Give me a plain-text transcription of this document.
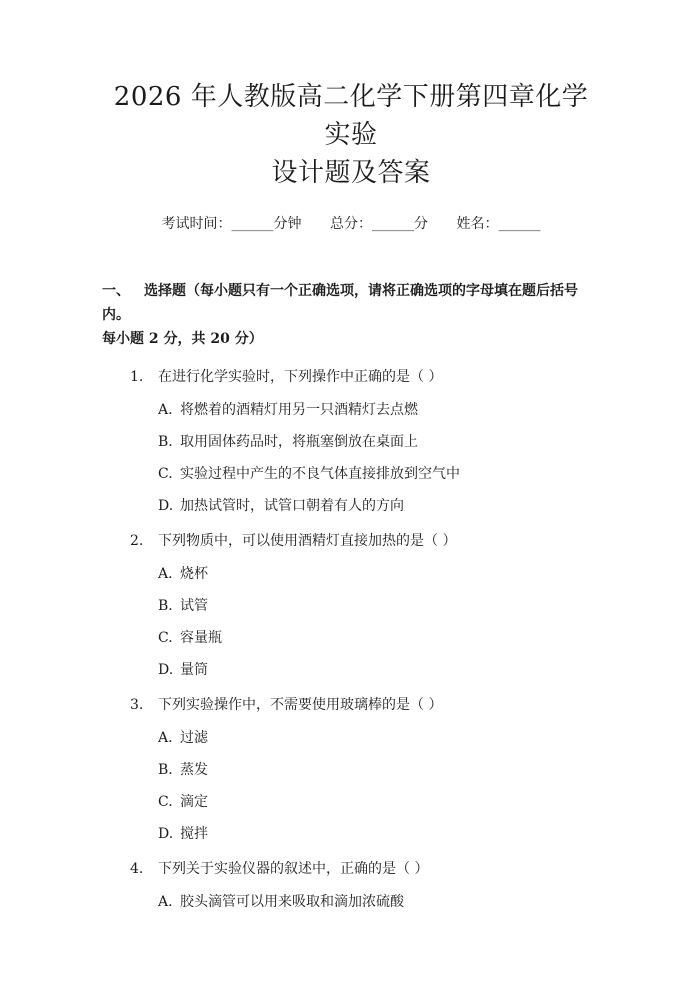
2026 年人教版高二化学下册第四章化学实验
设计题及答案
考试时间：______分钟 总分：______分 姓名：______
一、 选择题（每小题只有一个正确选项，请将正确选项的字母填在题后括号内。
每小题 2 分，共 20 分）
1. 在进行化学实验时，下列操作中正确的是（ ）
A. 将燃着的酒精灯用另一只酒精灯去点燃
B. 取用固体药品时，将瓶塞倒放在桌面上
C. 实验过程中产生的不良气体直接排放到空气中
D. 加热试管时，试管口朝着有人的方向
2. 下列物质中，可以使用酒精灯直接加热的是（ ）
A. 烧杯
B. 试管
C. 容量瓶
D. 量筒
3. 下列实验操作中，不需要使用玻璃棒的是（ ）
A. 过滤
B. 蒸发
C. 滴定
D. 搅拌
4. 下列关于实验仪器的叙述中，正确的是（ ）
A. 胶头滴管可以用来吸取和滴加浓硫酸
